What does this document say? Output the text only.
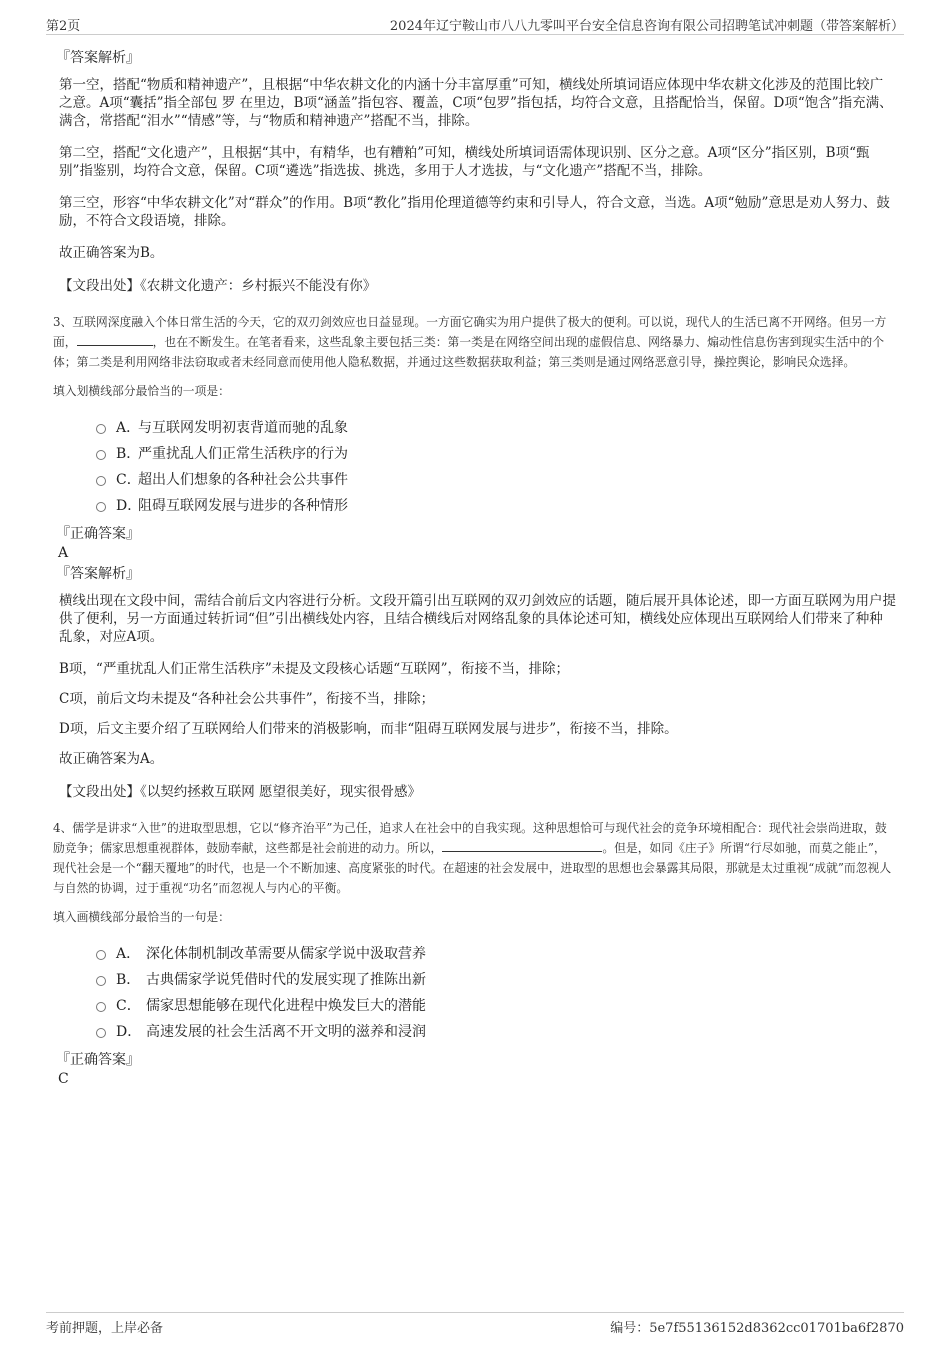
第2页	2024年辽宁鞍山市八八九零叫平台安全信息咨询有限公司招聘笔试冲刺题（带答案解析）
『答案解析』

第一空，搭配“物质和精神遗产”，且根据“中华农耕文化的内涵十分丰富厚重”可知，横线处所填词语应体现中华农耕文化涉及的范围比较广之意。A项“囊括”指全部包 罗 在里边，B项“涵盖”指包容、覆盖，C项“包罗”指包括，均符合文意，且搭配恰当，保留。D项“饱含”指充满、满含，常搭配“泪水”“情感”等，与“物质和精神遗产”搭配不当，排除。

第二空，搭配“文化遗产”，且根据“其中，有精华，也有糟粕”可知，横线处所填词语需体现识别、区分之意。A项“区分”指区别，B项“甄别”指鉴别，均符合文意，保留。C项“遴选”指选拔、挑选，多用于人才选拔，与“文化遗产”搭配不当，排除。

第三空，形容“中华农耕文化”对“群众”的作用。B项“教化”指用伦理道德等约束和引导人，符合文意，当选。A项“勉励”意思是劝人努力、鼓励，不符合文段语境，排除。

故正确答案为B。

【文段出处】《农耕文化遗产：乡村振兴不能没有你》

3、互联网深度融入个体日常生活的今天，它的双刃剑效应也日益显现。一方面它确实为用户提供了极大的便利。可以说，现代人的生活已离不开网络。但另一方面，	，也在不断发生。在笔者看来，这些乱象主要包括三类：第一类是在网络空间出现的虚假信息、网络暴力、煽动性信息伤害到现实生活中的个体；第二类是利用网络非法窃取或者未经同意而使用他人隐私数据，并通过这些数据获取利益；第三类则是通过网络恶意引导，操控舆论，影响民众选择。

填入划横线部分最恰当的一项是：

A．
与互联网发明初衷背道而驰的乱象
B．
严重扰乱人们正常生活秩序的行为
C．
超出人们想象的各种社会公共事件
D．
阻碍互联网发展与进步的各种情形
『正确答案』
A
『答案解析』

横线出现在文段中间，需结合前后文内容进行分析。文段开篇引出互联网的双刃剑效应的话题，随后展开具体论述，即一方面互联网为用户提供了便利，另一方面通过转折词“但”引出横线处内容，且结合横线后对网络乱象的具体论述可知，横线处应体现出互联网给人们带来了种种乱象，对应A项。

B项，“严重扰乱人们正常生活秩序”未提及文段核心话题“互联网”，衔接不当，排除；

C项，前后文均未提及“各种社会公共事件”，衔接不当，排除；

D项，后文主要介绍了互联网给人们带来的消极影响，而非“阻碍互联网发展与进步”，衔接不当，排除。

故正确答案为A。

【文段出处】《以契约拯救互联网 愿望很美好，现实很骨感》

4、儒学是讲求“入世”的进取型思想，它以“修齐治平”为己任，追求人在社会中的自我实现。这种思想恰可与现代社会的竞争环境相配合：现代社会崇尚进取，鼓励竞争；儒家思想重视群体，鼓励奉献，这些都是社会前进的动力。所以，	。但是，如同《庄子》所谓“行尽如驰，而莫之能止”，现代社会是一个“翻天覆地”的时代，也是一个不断加速、高度紧张的时代。在超速的社会发展中，进取型的思想也会暴露其局限，那就是太过重视“成就”而忽视人与自然的协调，过于重视“功名”而忽视人与内心的平衡。

填入画横线部分最恰当的一句是：

A． 深化体制机制改革需要从儒家学说中汲取营养
B． 古典儒家学说凭借时代的发展实现了推陈出新
C． 儒家思想能够在现代化进程中焕发巨大的潜能
D． 高速发展的社会生活离不开文明的滋养和浸润
『正确答案』
C
考前押题，上岸必备	编号：5e7f55136152d8362cc01701ba6f2870
